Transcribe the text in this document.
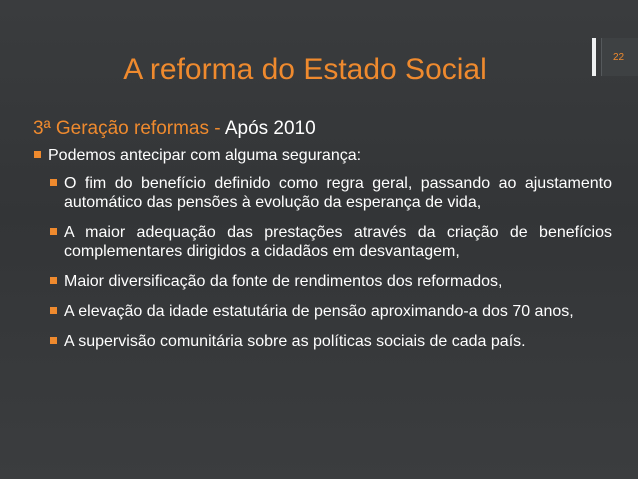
A reforma do Estado Social	22
3ª Geração reformas - Após 2010
Podemos antecipar com alguma segurança:
O fim do benefício definido como regra geral, passando ao ajustamento automático das pensões à evolução da esperança de vida,
A maior adequação das prestações através da criação de benefícios complementares dirigidos a cidadãos em desvantagem,
Maior diversificação da fonte de rendimentos dos reformados,
A elevação da idade estatutária de pensão aproximando-a dos 70 anos,
A supervisão comunitária sobre as políticas sociais de cada país.
